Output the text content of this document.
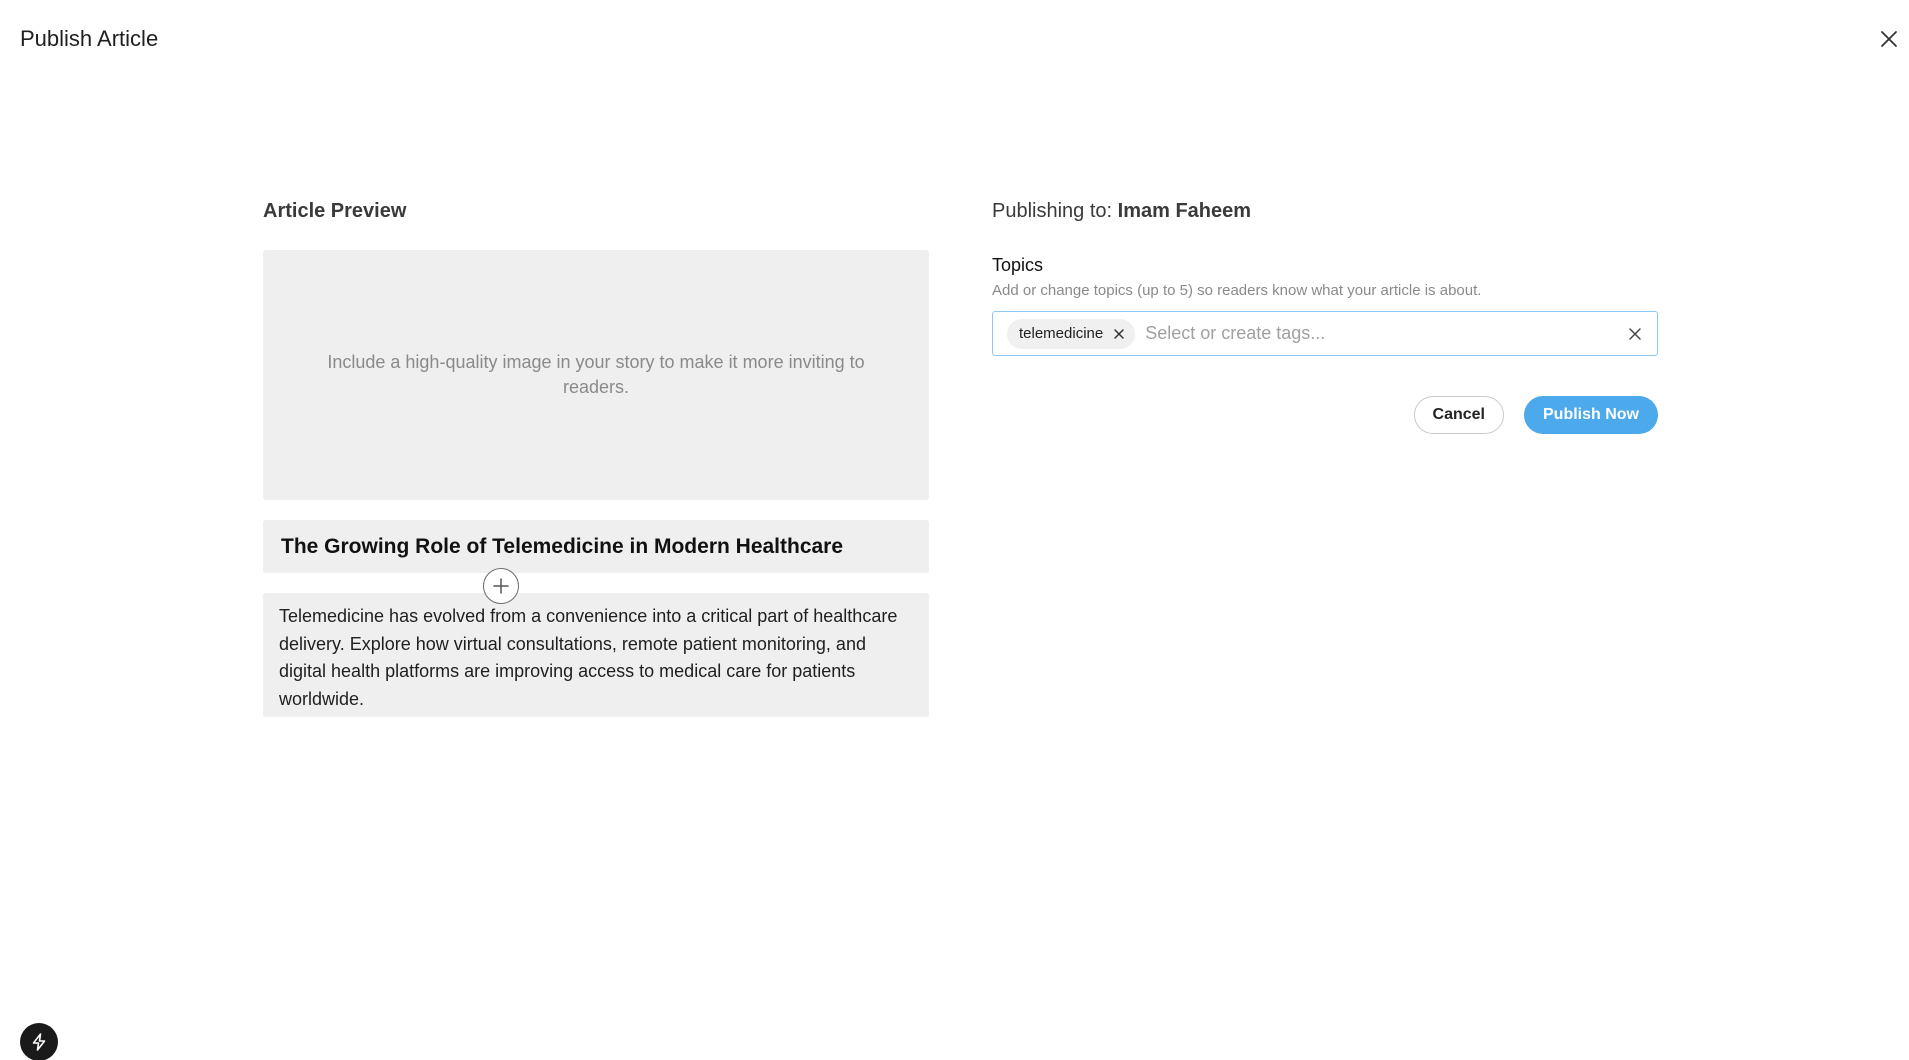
Publish Article
Article Preview
Include a high-quality image in your story to make it more inviting to readers.
The Growing Role of Telemedicine in Modern Healthcare
Telemedicine has evolved from a convenience into a critical part of healthcare delivery. Explore how virtual consultations, remote patient monitoring, and digital health platforms are improving access to medical care for patients worldwide.
Publishing to: Imam Faheem
Topics
Add or change topics (up to 5) so readers know what your article is about.
telemedicine
Select or create tags...
Cancel	Publish Now
